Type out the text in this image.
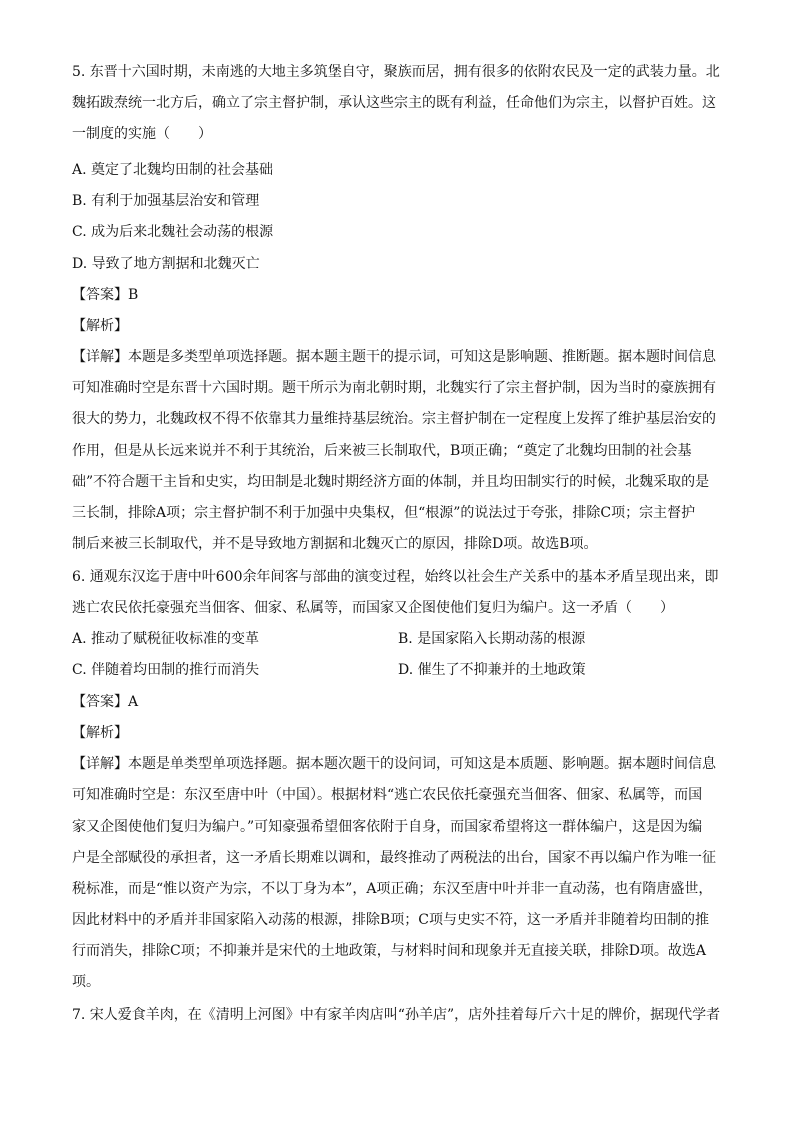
5. 东晋十六国时期，未南逃的大地主多筑堡自守，聚族而居，拥有很多的依附农民及一定的武装力量。北
魏拓跋焘统一北方后，确立了宗主督护制，承认这些宗主的既有利益，任命他们为宗主，以督护百姓。这
一制度的实施（　　）
A. 奠定了北魏均田制的社会基础
B. 有利于加强基层治安和管理
C. 成为后来北魏社会动荡的根源
D. 导致了地方割据和北魏灭亡
【答案】B
【解析】
【详解】本题是多类型单项选择题。据本题主题干的提示词，可知这是影响题、推断题。据本题时间信息
可知准确时空是东晋十六国时期。题干所示为南北朝时期，北魏实行了宗主督护制，因为当时的豪族拥有
很大的势力，北魏政权不得不依靠其力量维持基层统治。宗主督护制在一定程度上发挥了维护基层治安的
作用，但是从长远来说并不利于其统治，后来被三长制取代，B项正确；“奠定了北魏均田制的社会基
础”不符合题干主旨和史实，均田制是北魏时期经济方面的体制，并且均田制实行的时候，北魏采取的是
三长制，排除A项；宗主督护制不利于加强中央集权，但“根源”的说法过于夸张，排除C项；宗主督护
制后来被三长制取代，并不是导致地方割据和北魏灭亡的原因，排除D项。故选B项。
6. 通观东汉迄于唐中叶600余年间客与部曲的演变过程，始终以社会生产关系中的基本矛盾呈现出来，即
逃亡农民依托豪强充当佃客、佃家、私属等，而国家又企图使他们复归为编户。这一矛盾（　　）
A. 推动了赋税征收标准的变革	B. 是国家陷入长期动荡的根源
C. 伴随着均田制的推行而消失	D. 催生了不抑兼并的土地政策
【答案】A
【解析】
【详解】本题是单类型单项选择题。据本题次题干的设问词，可知这是本质题、影响题。据本题时间信息
可知准确时空是：东汉至唐中叶（中国）。根据材料“逃亡农民依托豪强充当佃客、佃家、私属等，而国
家又企图使他们复归为编户。”可知豪强希望佃客依附于自身，而国家希望将这一群体编户，这是因为编
户是全部赋役的承担者，这一矛盾长期难以调和，最终推动了两税法的出台，国家不再以编户作为唯一征
税标准，而是“惟以资产为宗，不以丁身为本”，A项正确；东汉至唐中叶并非一直动荡，也有隋唐盛世，
因此材料中的矛盾并非国家陷入动荡的根源，排除B项；C项与史实不符，这一矛盾并非随着均田制的推
行而消失，排除C项；不抑兼并是宋代的土地政策，与材料时间和现象并无直接关联，排除D项。故选A
项。
7. 宋人爱食羊肉，在《清明上河图》中有家羊肉店叫“孙羊店”，店外挂着每斤六十足的牌价，据现代学者
